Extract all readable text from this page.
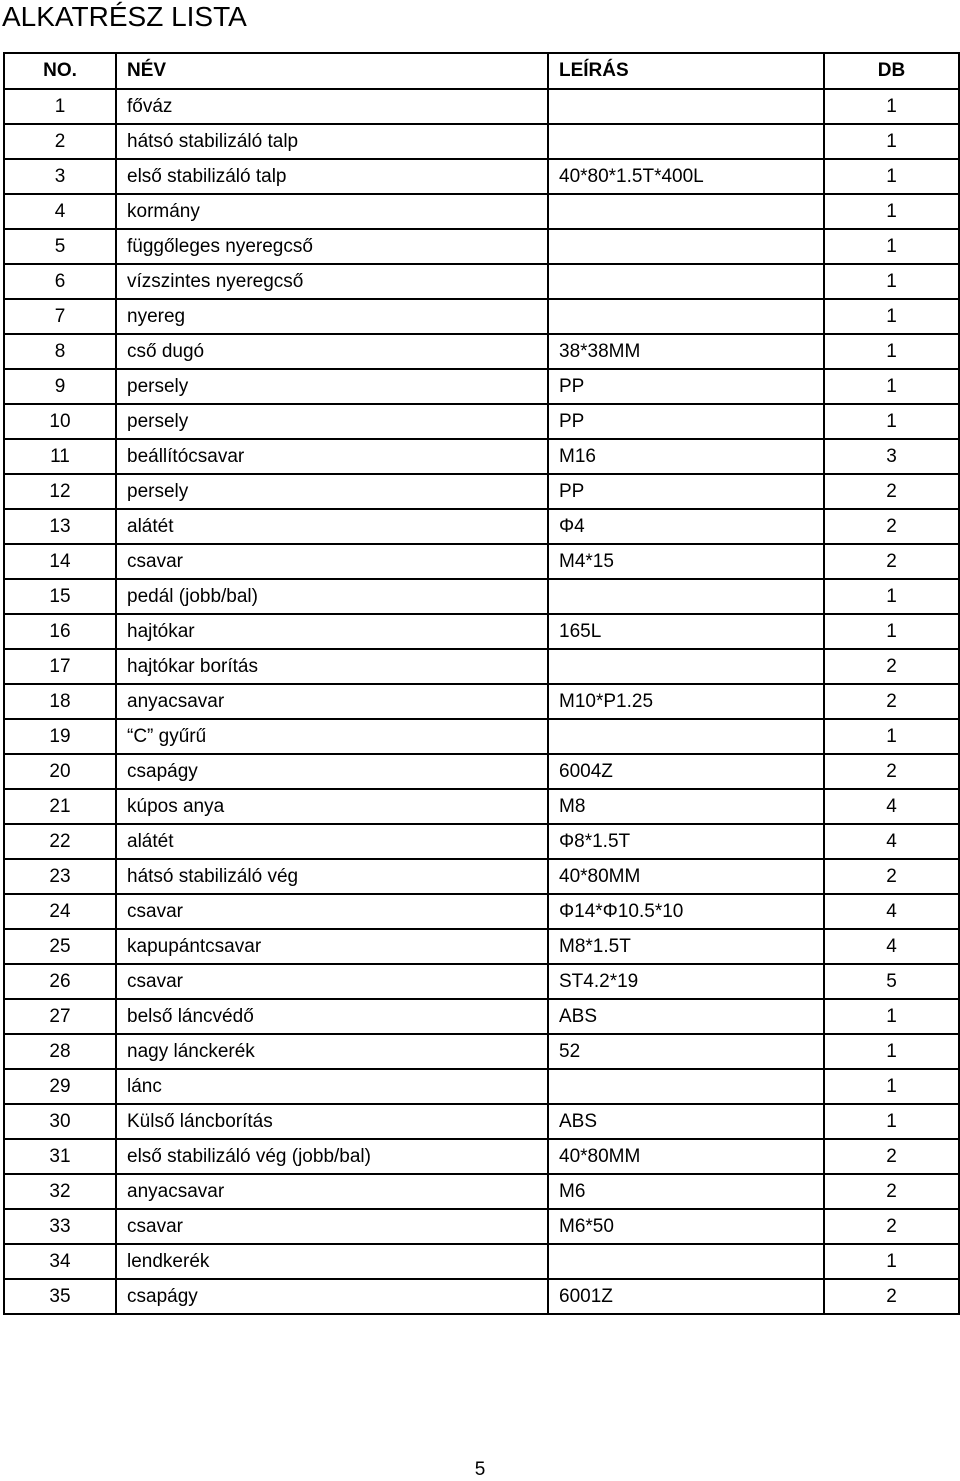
ALKATRÉSZ LISTA
NO.	NÉV	LEÍRÁS	DB
1	főváz		1
2	hátsó stabilizáló talp		1
3	első stabilizáló talp	40*80*1.5T*400L	1
4	kormány		1
5	függőleges nyeregcső		1
6	vízszintes nyeregcső		1
7	nyereg		1
8	cső dugó	38*38MM	1
9	persely	PP	1
10	persely	PP	1
11	beállítócsavar	M16	3
12	persely	PP	2
13	alátét	Φ4	2
14	csavar	M4*15	2
15	pedál (jobb/bal)		1
16	hajtókar	165L	1
17	hajtókar borítás		2
18	anyacsavar	M10*P1.25	2
19	“C” gyűrű		1
20	csapágy	6004Z	2
21	kúpos anya	M8	4
22	alátét	Φ8*1.5T	4
23	hátsó stabilizáló vég	40*80MM	2
24	csavar	Φ14*Φ10.5*10	4
25	kapupántcsavar	M8*1.5T	4
26	csavar	ST4.2*19	5
27	belső láncvédő	ABS	1
28	nagy lánckerék	52	1
29	lánc		1
30	Külső láncborítás	ABS	1
31	első stabilizáló vég (jobb/bal)	40*80MM	2
32	anyacsavar	M6	2
33	csavar	M6*50	2
34	lendkerék		1
35	csapágy	6001Z	2
5
